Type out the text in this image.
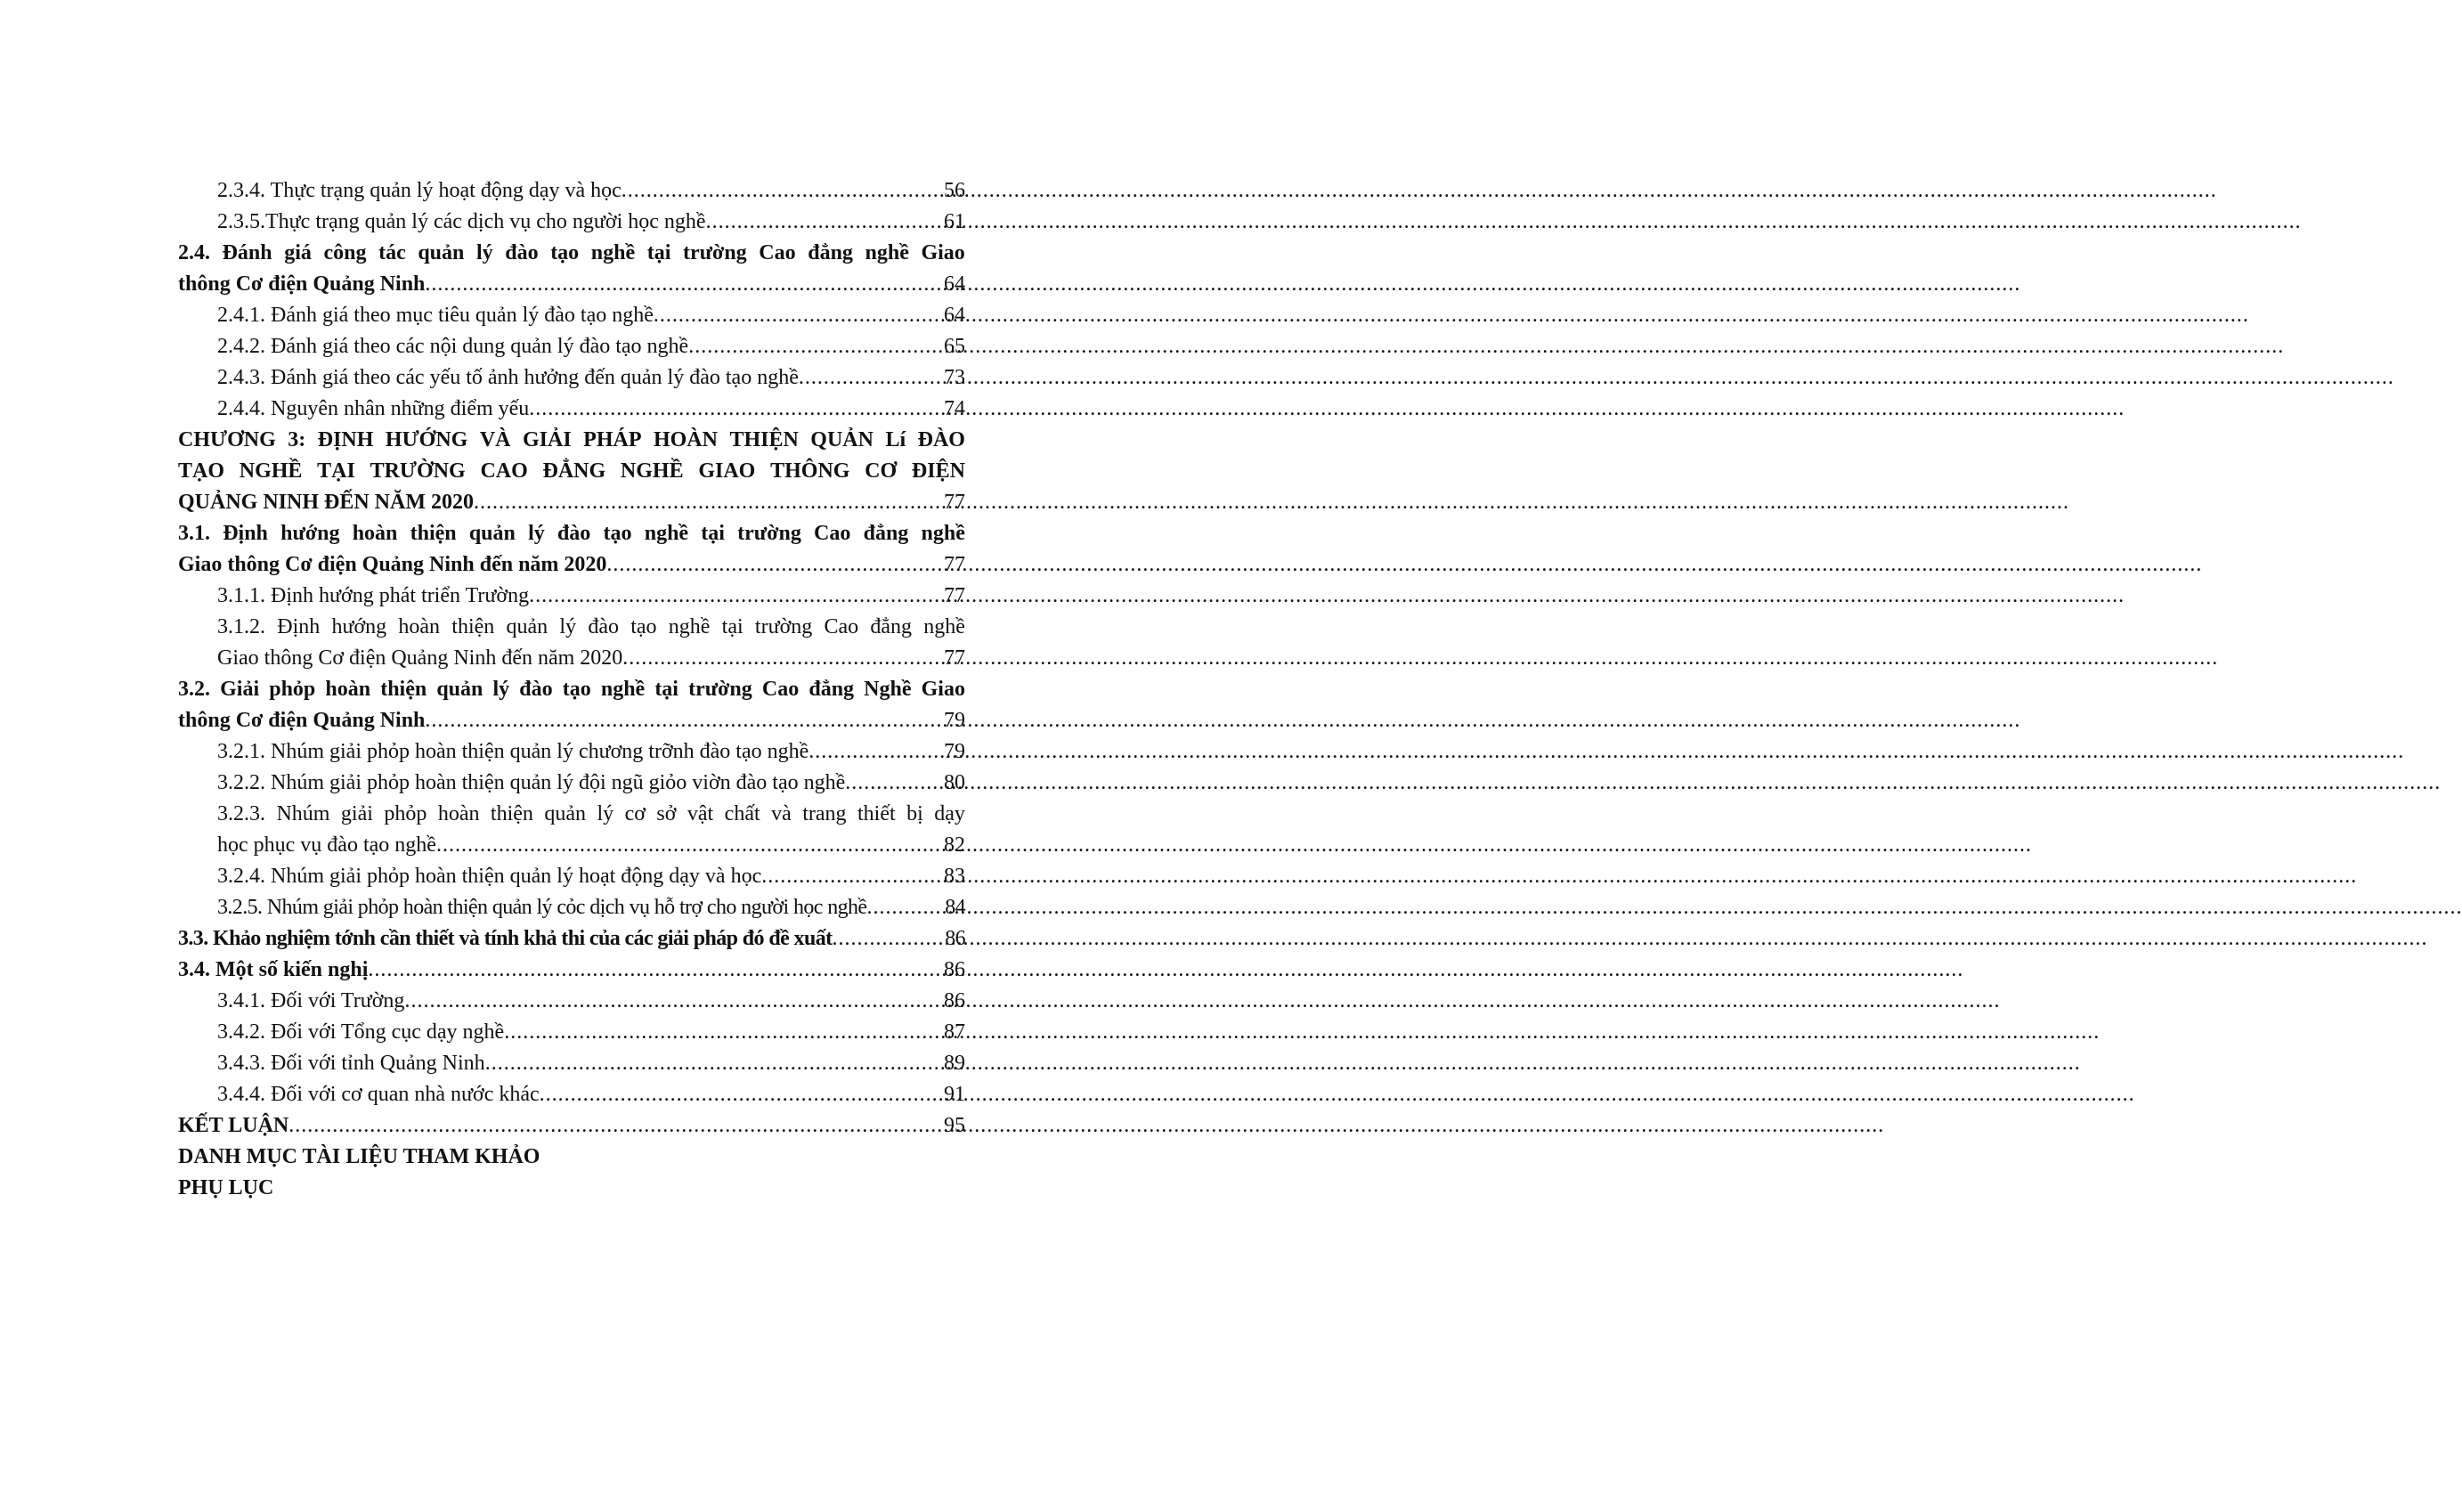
2.3.4. Thực trạng quản lý hoạt động dạy và học .....	56
2.3.5.Thực trạng quản lý các dịch vụ cho người học nghề .....	61
2.4. Đánh giá công tác quản lý đào tạo nghề tại trường Cao đẳng nghề Giao
thông Cơ điện Quảng Ninh .....	64
2.4.1. Đánh giá theo mục tiêu quản lý đào tạo nghề .....	64
2.4.2. Đánh giá theo các nội dung quản lý đào tạo nghề .....	65
2.4.3. Đánh giá theo các yếu tố ảnh hưởng đến quản lý đào tạo nghề .....	73
2.4.4. Nguyên nhân những điểm yếu .....	74
CHƯƠNG 3: ĐỊNH HƯỚNG VÀ GIẢI PHÁP HOÀN THIỆN QUẢN Lí ĐÀO
TẠO NGHỀ TẠI TRƯỜNG CAO ĐẲNG NGHỀ GIAO THÔNG CƠ ĐIỆN
QUẢNG NINH ĐẾN NĂM 2020 .....	77
3.1. Định hướng hoàn thiện quản lý đào tạo nghề tại trường Cao đẳng nghề
Giao thông Cơ điện Quảng Ninh đến năm 2020 .....	77
3.1.1. Định hướng phát triển Trường .....	77
3.1.2. Định hướng hoàn thiện quản lý đào tạo nghề tại trường Cao đẳng nghề
Giao thông Cơ điện Quảng Ninh đến năm 2020 .....	77
3.2. Giải phỏp hoàn thiện quản lý đào tạo nghề tại trường Cao đẳng Nghề Giao
thông Cơ điện Quảng Ninh .....	79
3.2.1. Nhúm giải phỏp hoàn thiện quản lý chương trỡnh đào tạo nghề .....	79
3.2.2. Nhúm giải phỏp hoàn thiện quản lý đội ngũ giỏo viờn đào tạo nghề .....	80
3.2.3. Nhúm giải phỏp hoàn thiện quản lý cơ sở vật chất và trang thiết bị dạy
học phục vụ đào tạo nghề .....	82
3.2.4. Nhúm giải phỏp hoàn thiện quản lý hoạt động dạy và học .....	83
3.2.5. Nhúm giải phỏp hoàn thiện quản lý cỏc dịch vụ hỗ trợ cho người học nghề .....	84
3.3. Khảo nghiệm tớnh cần thiết và tính khả thi của các giải pháp đó đề xuất .....	86
3.4. Một số kiến nghị .....	86
3.4.1. Đối với Trường .....	86
3.4.2. Đối với Tổng cục dạy nghề .....	87
3.4.3. Đối với tỉnh Quảng Ninh .....	89
3.4.4. Đối với cơ quan nhà nước khác .....	91
KẾT LUẬN .....	95
DANH MỤC TÀI LIỆU THAM KHẢO
PHỤ LỤC
